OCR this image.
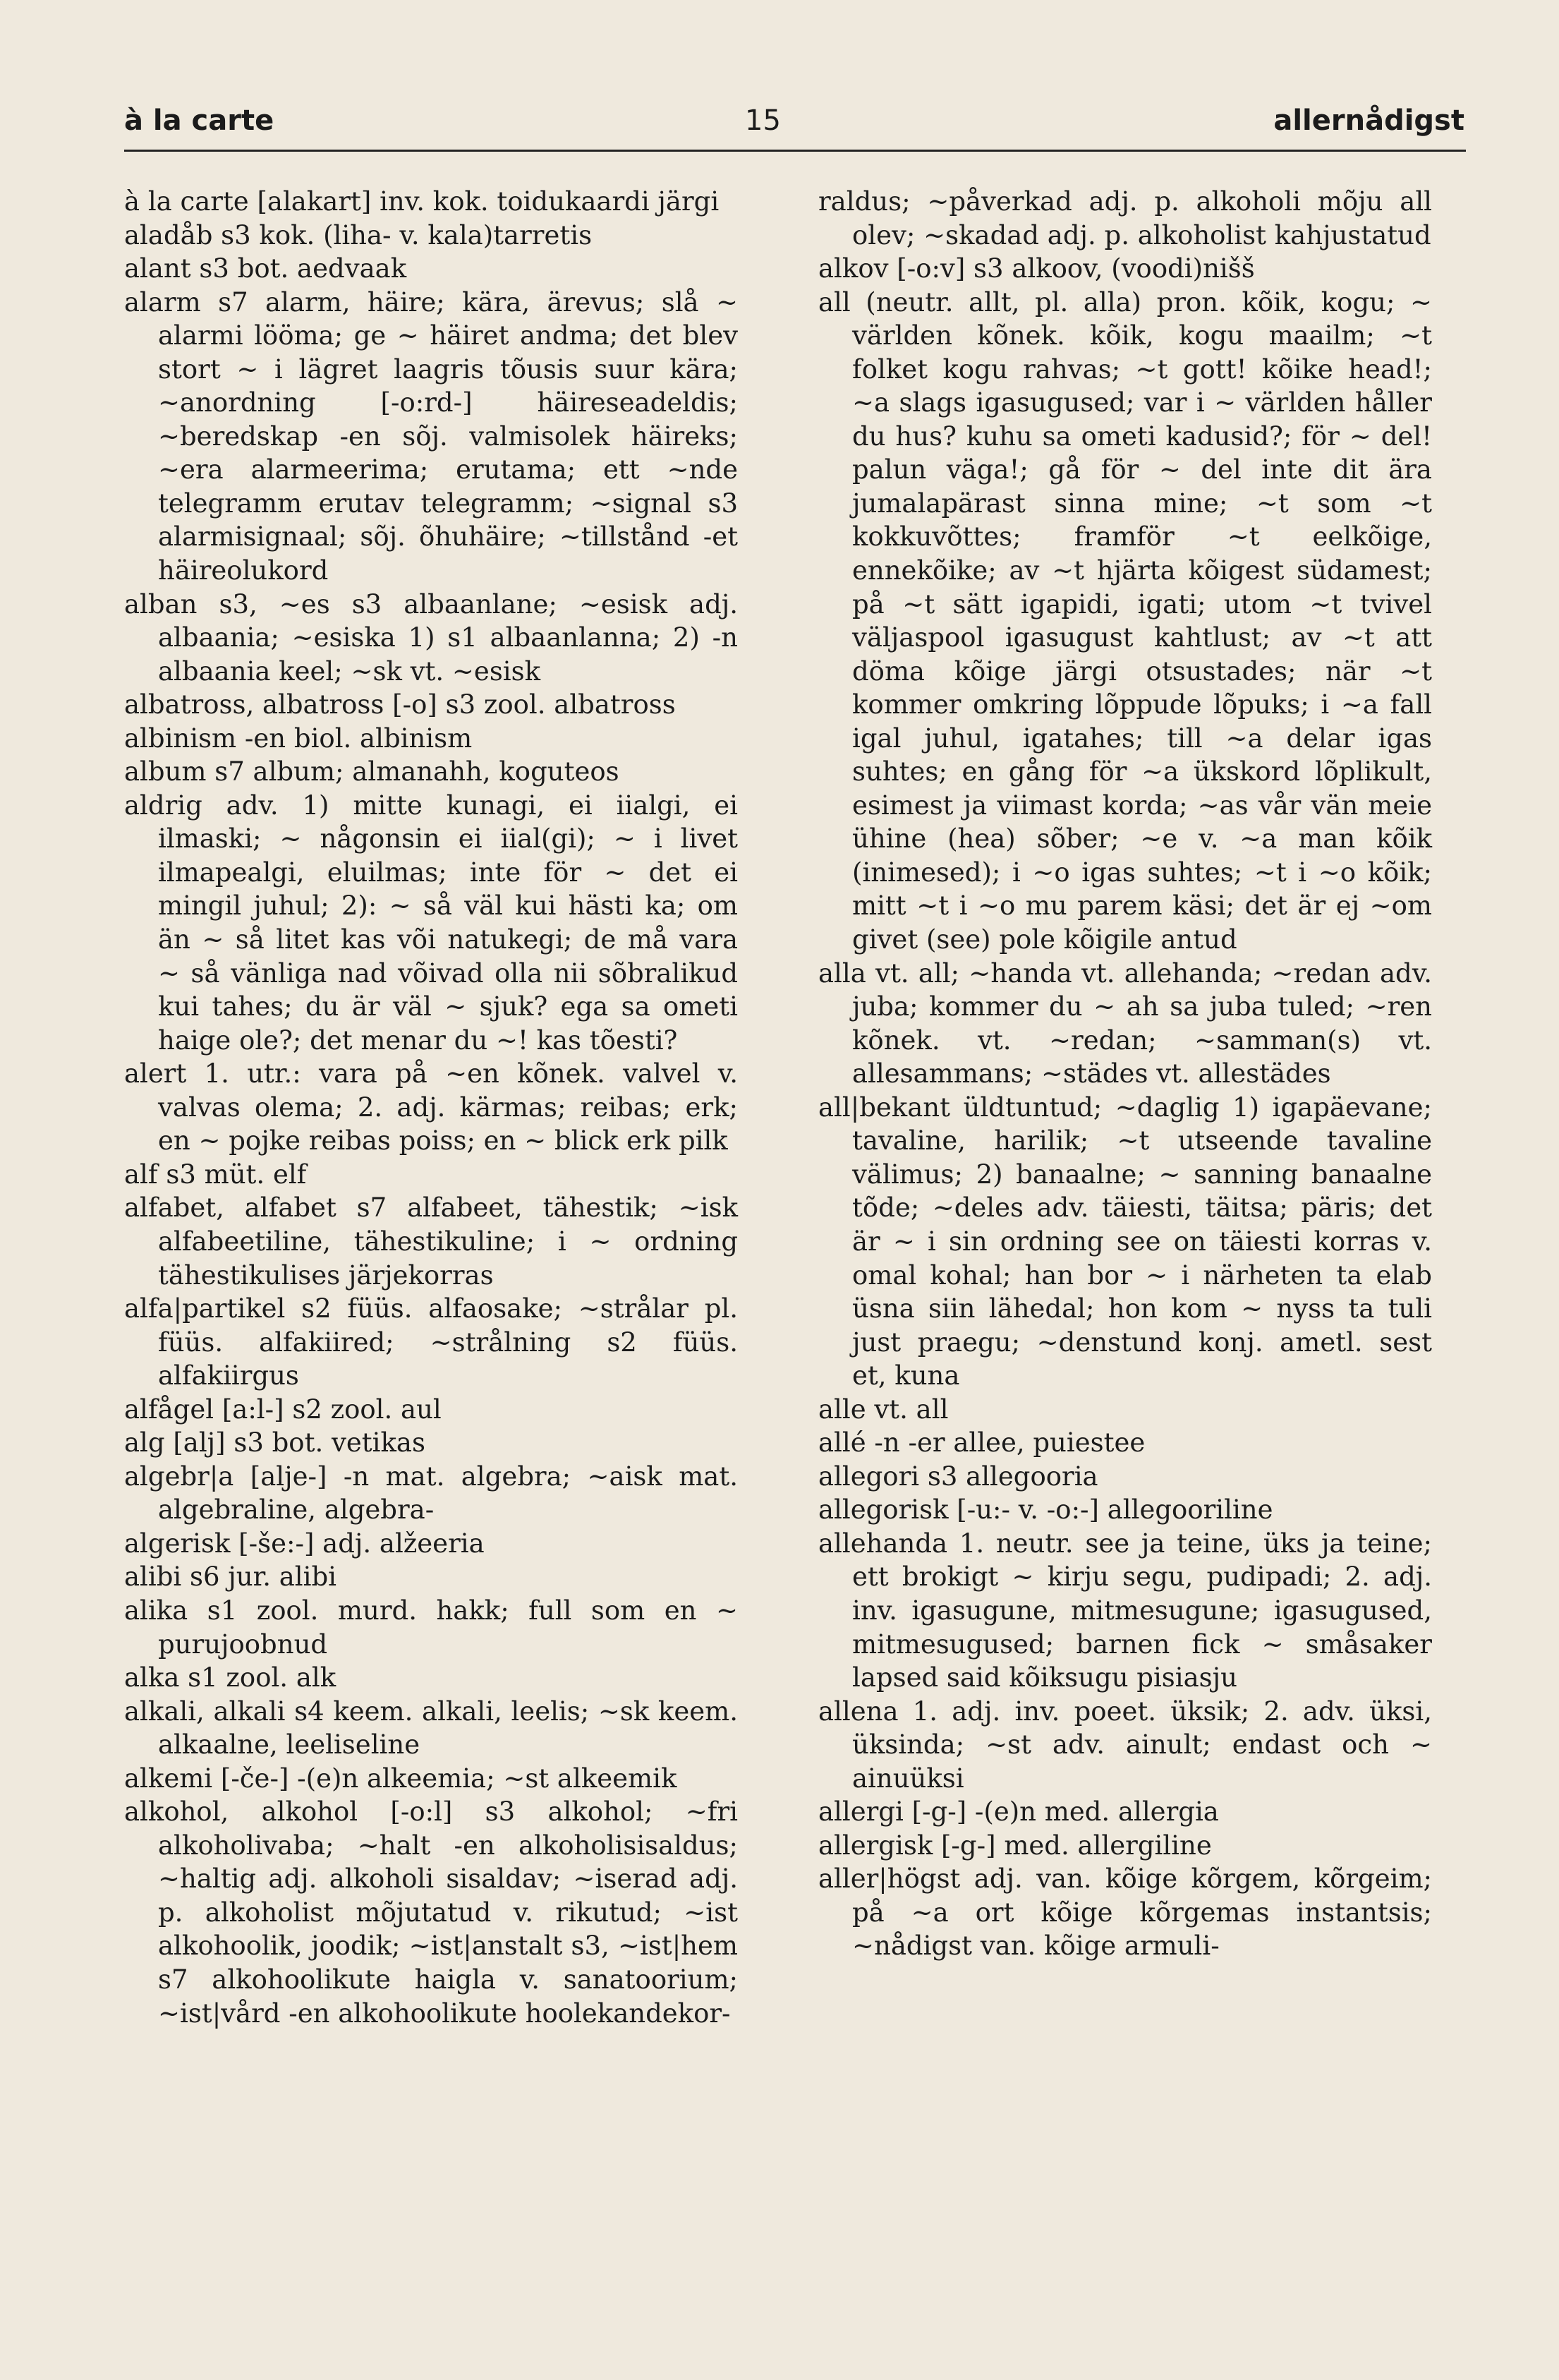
à la carte	15	allernådigst

à la carte [alakart] inv. kok. toidukaardi järgi

aladåb s3 kok. (liha- v. kala)tarretis

alant s3 bot. aedvaak

alarm s7 alarm, häire; kära, ärevus; slå ~ alarmi lööma; ge ~ häiret andma; det blev stort ~ i lägret laagris tõusis suur kära; ~anordning [-o:rd-] häireseadeldis; ~beredskap -en sõj. valmisolek häireks; ~era alarmeerima; erutama; ett ~nde telegramm erutav telegramm; ~signal s3 alarmisignaal; sõj. õhuhäire; ~tillstånd -et häireolukord

alban s3, ~es s3 albaanlane; ~esisk adj. albaania; ~esiska 1) s1 albaanlanna; 2) -n albaania keel; ~sk vt. ~esisk

albatross, albatross [-o] s3 zool. albatross

albinism -en biol. albinism

album s7 album; almanahh, koguteos

aldrig adv. 1) mitte kunagi, ei iialgi, ei ilmaski; ~ någonsin ei iial(gi); ~ i livet ilmapealgi, eluilmas; inte för ~ det ei mingil juhul; 2): ~ så väl kui hästi ka; om än ~ så litet kas või natukegi; de må vara ~ så vänliga nad võivad olla nii sõbralikud kui tahes; du är väl ~ sjuk? ega sa ometi haige ole?; det menar du ~! kas tõesti?

alert 1. utr.: vara på ~en kõnek. valvel v. valvas olema; 2. adj. kärmas; reibas; erk; en ~ pojke reibas poiss; en ~ blick erk pilk

alf s3 müt. elf

alfabet, alfabet s7 alfabeet, tähestik; ~isk alfabeetiline, tähestikuline; i ~ ordning tähestikulises järjekorras

alfa|partikel s2 füüs. alfaosake; ~strålar pl. füüs. alfakiired; ~strålning s2 füüs. alfakiirgus

alfågel [a:l-] s2 zool. aul

alg [alj] s3 bot. vetikas

algebr|a [alje-] -n mat. algebra; ~aisk mat. algebraline, algebra-

algerisk [-še:-] adj. alžeeria

alibi s6 jur. alibi

alika s1 zool. murd. hakk; full som en ~ purujoobnud

alka s1 zool. alk

alkali, alkali s4 keem. alkali, leelis; ~sk keem. alkaalne, leeliseline

alkemi [-če-] -(e)n alkeemia; ~st alkeemik

alkohol, alkohol [-o:l] s3 alkohol; ~fri alkoholivaba; ~halt -en alkoholisisaldus; ~haltig adj. alkoholi sisaldav; ~iserad adj. p. alkoholist mõjutatud v. rikutud; ~ist alkohoolik, joodik; ~ist|anstalt s3, ~ist|hem s7 alkohoolikute haigla v. sanatoorium; ~ist|vård -en alkohoolikute hoolekandekor-

raldus; ~påverkad adj. p. alkoholi mõju all olev; ~skadad adj. p. alkoholist kahjustatud

alkov [-o:v] s3 alkoov, (voodi)nišš

all (neutr. allt, pl. alla) pron. kõik, kogu; ~ världen kõnek. kõik, kogu maailm; ~t folket kogu rahvas; ~t gott! kõike head!; ~a slags igasugused; var i ~ världen håller du hus? kuhu sa ometi kadusid?; för ~ del! palun väga!; gå för ~ del inte dit ära jumalapärast sinna mine; ~t som ~t kokkuvõttes; framför ~t eelkõige, ennekõike; av ~t hjärta kõigest südamest; på ~t sätt igapidi, igati; utom ~t tvivel väljaspool igasugust kahtlust; av ~t att döma kõige järgi otsustades; när ~t kommer omkring lõppude lõpuks; i ~a fall igal juhul, igatahes; till ~a delar igas suhtes; en gång för ~a ükskord lõplikult, esimest ja viimast korda; ~as vår vän meie ühine (hea) sõber; ~e v. ~a man kõik (inimesed); i ~o igas suhtes; ~t i ~o kõik; mitt ~t i ~o mu parem käsi; det är ej ~om givet (see) pole kõigile antud

alla vt. all; ~handa vt. allehanda; ~redan adv. juba; kommer du ~ ah sa juba tuled; ~ren kõnek. vt. ~redan; ~samman(s) vt. allesammans; ~städes vt. allestädes

all|bekant üldtuntud; ~daglig 1) igapäevane; tavaline, harilik; ~t utseende tavaline välimus; 2) banaalne; ~ sanning banaalne tõde; ~deles adv. täiesti, täitsa; päris; det är ~ i sin ordning see on täiesti korras v. omal kohal; han bor ~ i närheten ta elab üsna siin lähedal; hon kom ~ nyss ta tuli just praegu; ~denstund konj. ametl. sest et, kuna

alle vt. all

allé -n -er allee, puiestee

allegori s3 allegooria

allegorisk [-u:- v. -o:-] allegooriline

allehanda 1. neutr. see ja teine, üks ja teine; ett brokigt ~ kirju segu, pudipadi; 2. adj. inv. igasugune, mitmesugune; igasugused, mitmesugused; barnen fick ~ småsaker lapsed said kõiksugu pisiasju

allena 1. adj. inv. poeet. üksik; 2. adv. üksi, üksinda; ~st adv. ainult; endast och ~ ainuüksi

allergi [-g-] -(e)n med. allergia

allergisk [-g-] med. allergiline

aller|högst adj. van. kõige kõrgem, kõrgeim; på ~a ort kõige kõrgemas instantsis; ~nådigst van. kõige armuli-
